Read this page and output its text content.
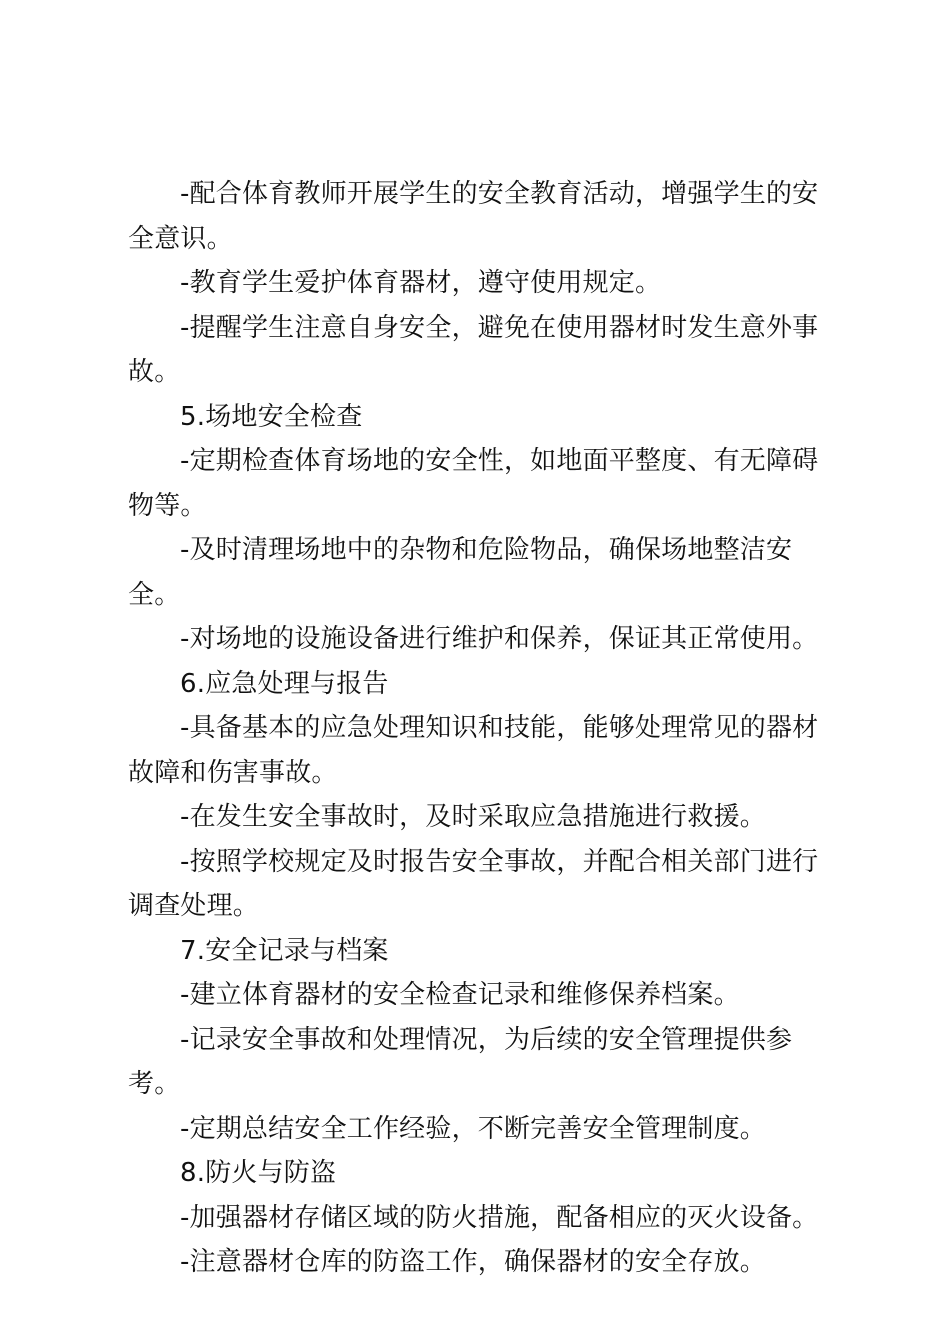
-配合体育教师开展学生的安全教育活动，增强学生的安全意识。

-教育学生爱护体育器材，遵守使用规定。

-提醒学生注意自身安全，避免在使用器材时发生意外事故。

5.场地安全检查

-定期检查体育场地的安全性，如地面平整度、有无障碍物等。

-及时清理场地中的杂物和危险物品，确保场地整洁安全。

-对场地的设施设备进行维护和保养，保证其正常使用。

6.应急处理与报告

-具备基本的应急处理知识和技能，能够处理常见的器材故障和伤害事故。

-在发生安全事故时，及时采取应急措施进行救援。

-按照学校规定及时报告安全事故，并配合相关部门进行调查处理。

7.安全记录与档案

-建立体育器材的安全检查记录和维修保养档案。

-记录安全事故和处理情况，为后续的安全管理提供参考。

-定期总结安全工作经验，不断完善安全管理制度。

8.防火与防盗

-加强器材存储区域的防火措施，配备相应的灭火设备。

-注意器材仓库的防盗工作，确保器材的安全存放。
